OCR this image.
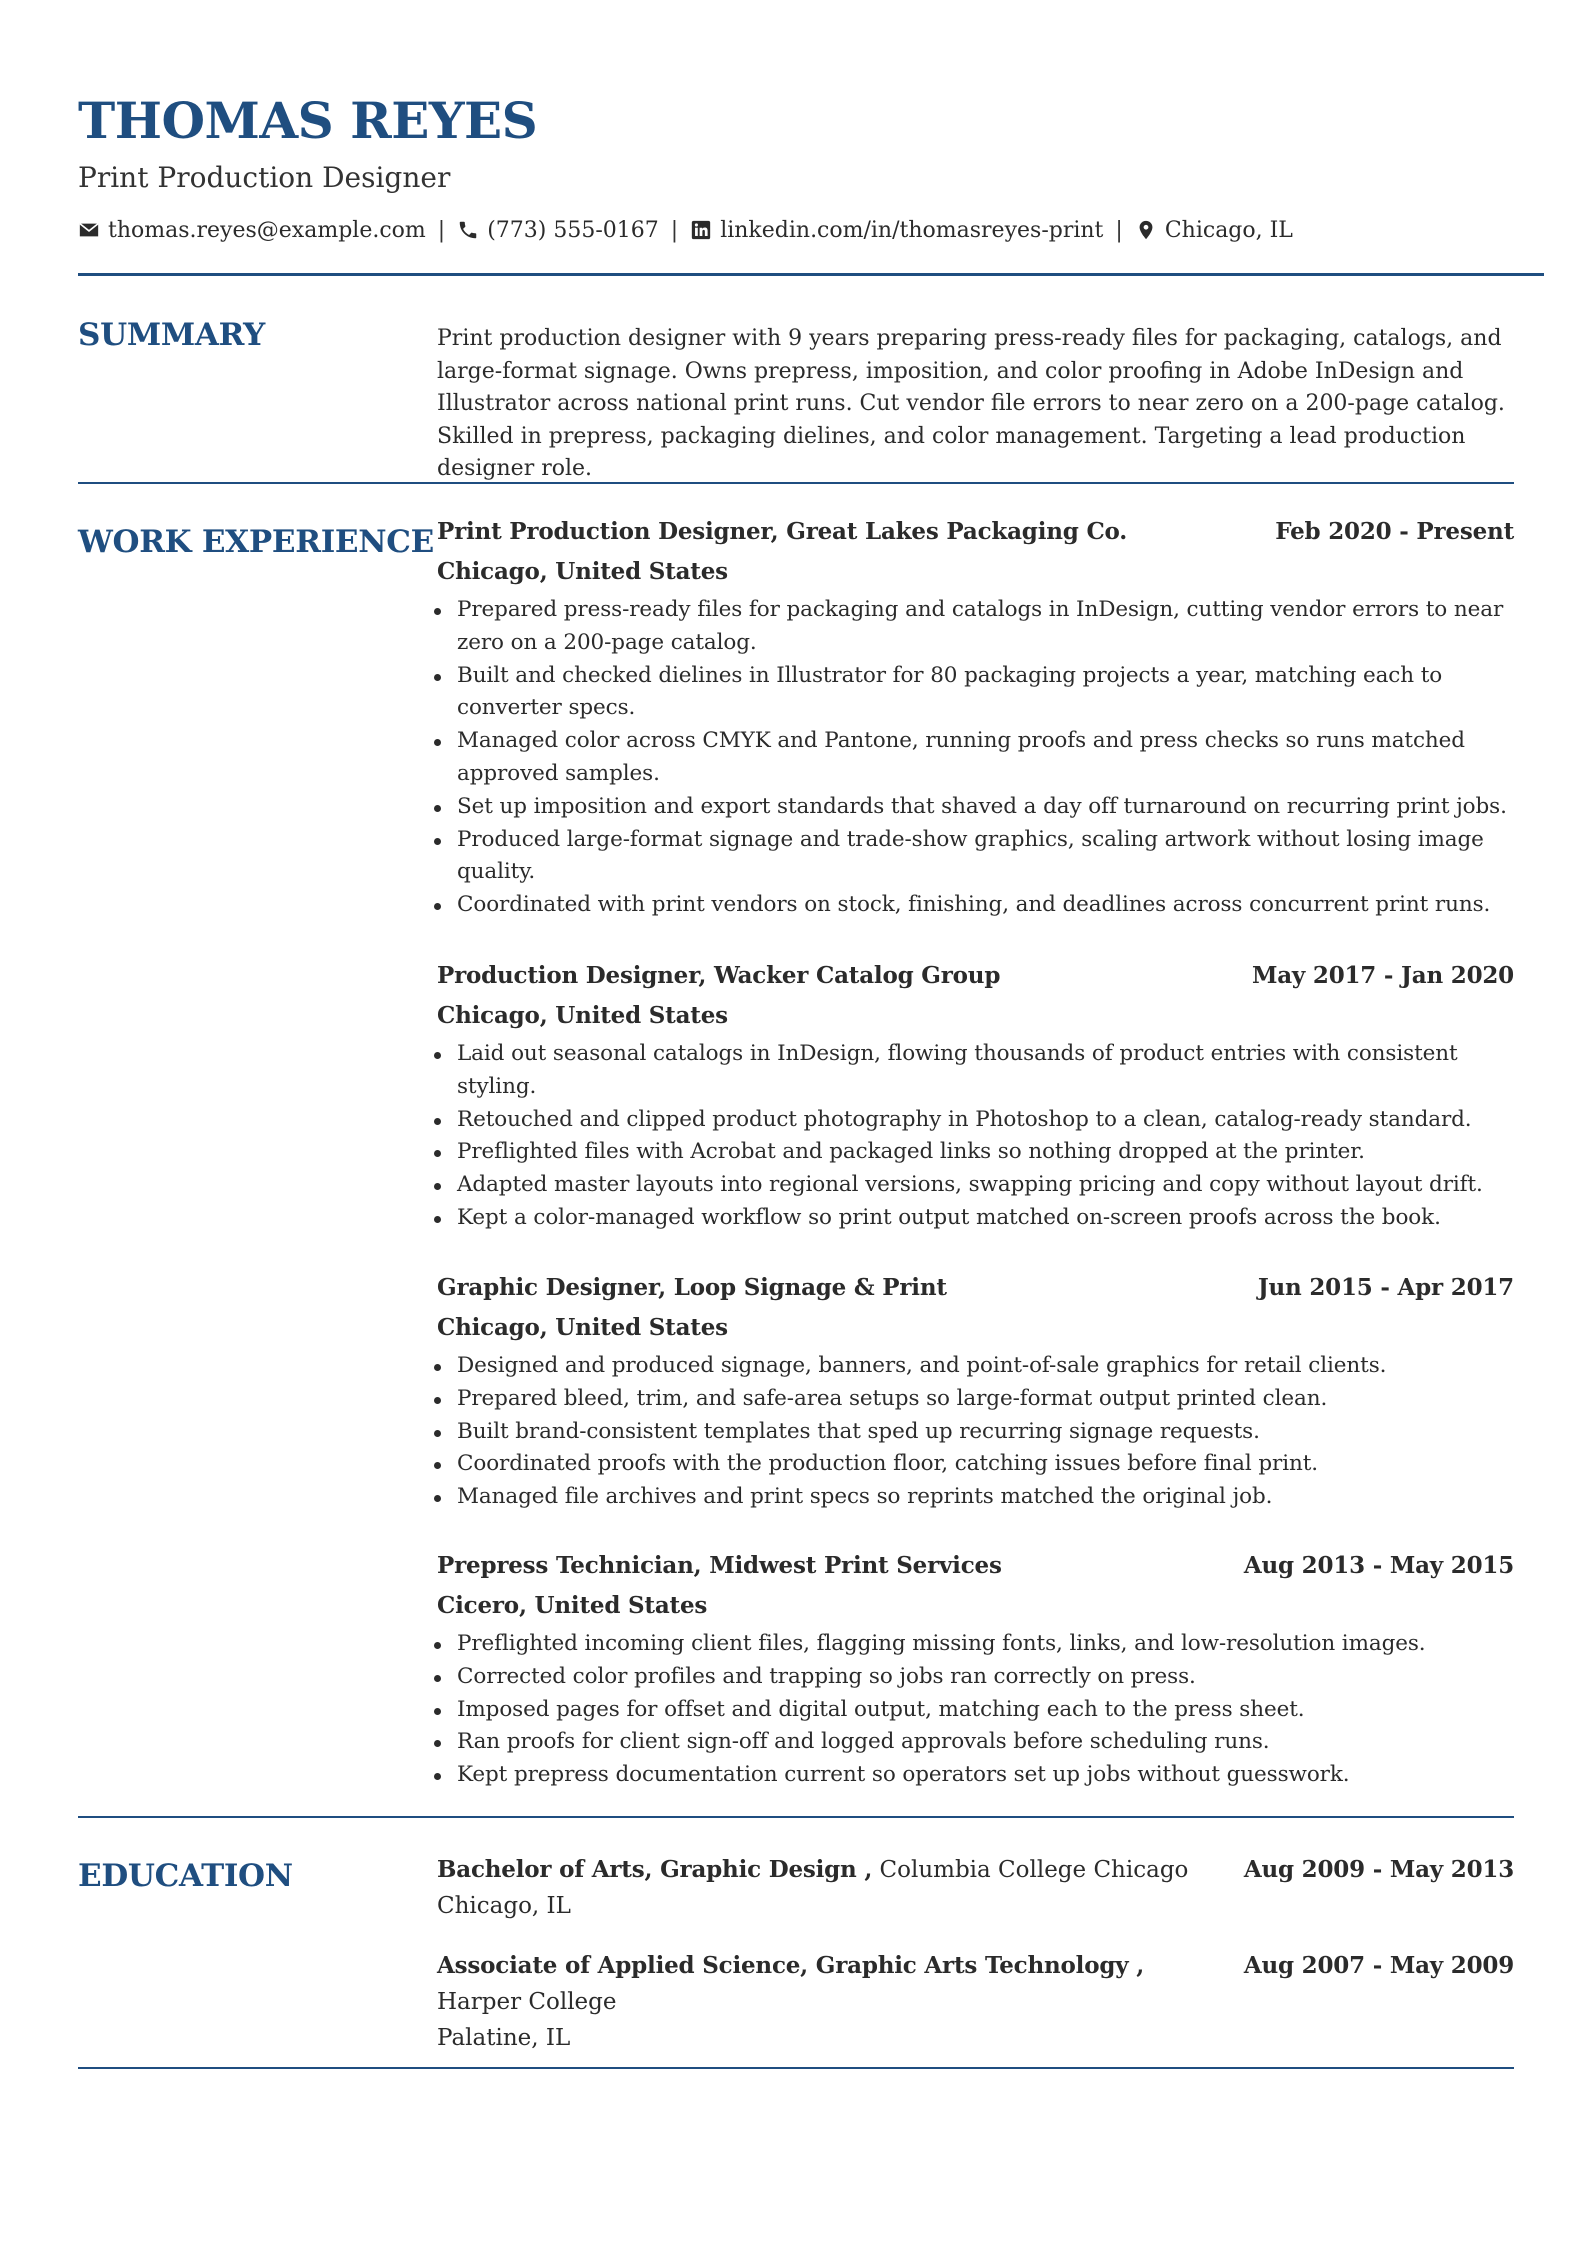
THOMAS REYES
Print Production Designer
thomas.reyes@example.com | (773) 555-0167 | linkedin.com/in/thomasreyes-print | Chicago, IL
SUMMARY	Print production designer with 9 years preparing press-ready files for packaging, catalogs, and large-format signage. Owns prepress, imposition, and color proofing in Adobe InDesign and Illustrator across national print runs. Cut vendor file errors to near zero on a 200-page catalog. Skilled in prepress, packaging dielines, and color management. Targeting a lead production designer role.

WORK EXPERIENCE Print Production Designer, Great Lakes Packaging Co.	Feb 2020 - Present
Chicago, United States
Prepared press-ready files for packaging and catalogs in InDesign, cutting vendor errors to near zero on a 200-page catalog.
Built and checked dielines in Illustrator for 80 packaging projects a year, matching each to converter specs.
Managed color across CMYK and Pantone, running proofs and press checks so runs matched approved samples.
Set up imposition and export standards that shaved a day off turnaround on recurring print jobs.
Produced large-format signage and trade-show graphics, scaling artwork without losing image quality.
Coordinated with print vendors on stock, finishing, and deadlines across concurrent print runs.
Production Designer, Wacker Catalog Group	May 2017 - Jan 2020
Chicago, United States
Laid out seasonal catalogs in InDesign, flowing thousands of product entries with consistent styling.
Retouched and clipped product photography in Photoshop to a clean, catalog-ready standard.
Preflighted files with Acrobat and packaged links so nothing dropped at the printer.
Adapted master layouts into regional versions, swapping pricing and copy without layout drift.
Kept a color-managed workflow so print output matched on-screen proofs across the book.
Graphic Designer, Loop Signage & Print	Jun 2015 - Apr 2017
Chicago, United States
Designed and produced signage, banners, and point-of-sale graphics for retail clients.
Prepared bleed, trim, and safe-area setups so large-format output printed clean.
Built brand-consistent templates that sped up recurring signage requests.
Coordinated proofs with the production floor, catching issues before final print.
Managed file archives and print specs so reprints matched the original job.
Prepress Technician, Midwest Print Services	Aug 2013 - May 2015
Cicero, United States
Preflighted incoming client files, flagging missing fonts, links, and low-resolution images.
Corrected color profiles and trapping so jobs ran correctly on press.
Imposed pages for offset and digital output, matching each to the press sheet.
Ran proofs for client sign-off and logged approvals before scheduling runs.
Kept prepress documentation current so operators set up jobs without guesswork.
EDUCATION	Bachelor of Arts, Graphic Design , Columbia College Chicago
Chicago, IL
Aug 2009 - May 2013
Associate of Applied Science, Graphic Arts Technology , Harper College
Palatine, IL
Aug 2007 - May 2009
